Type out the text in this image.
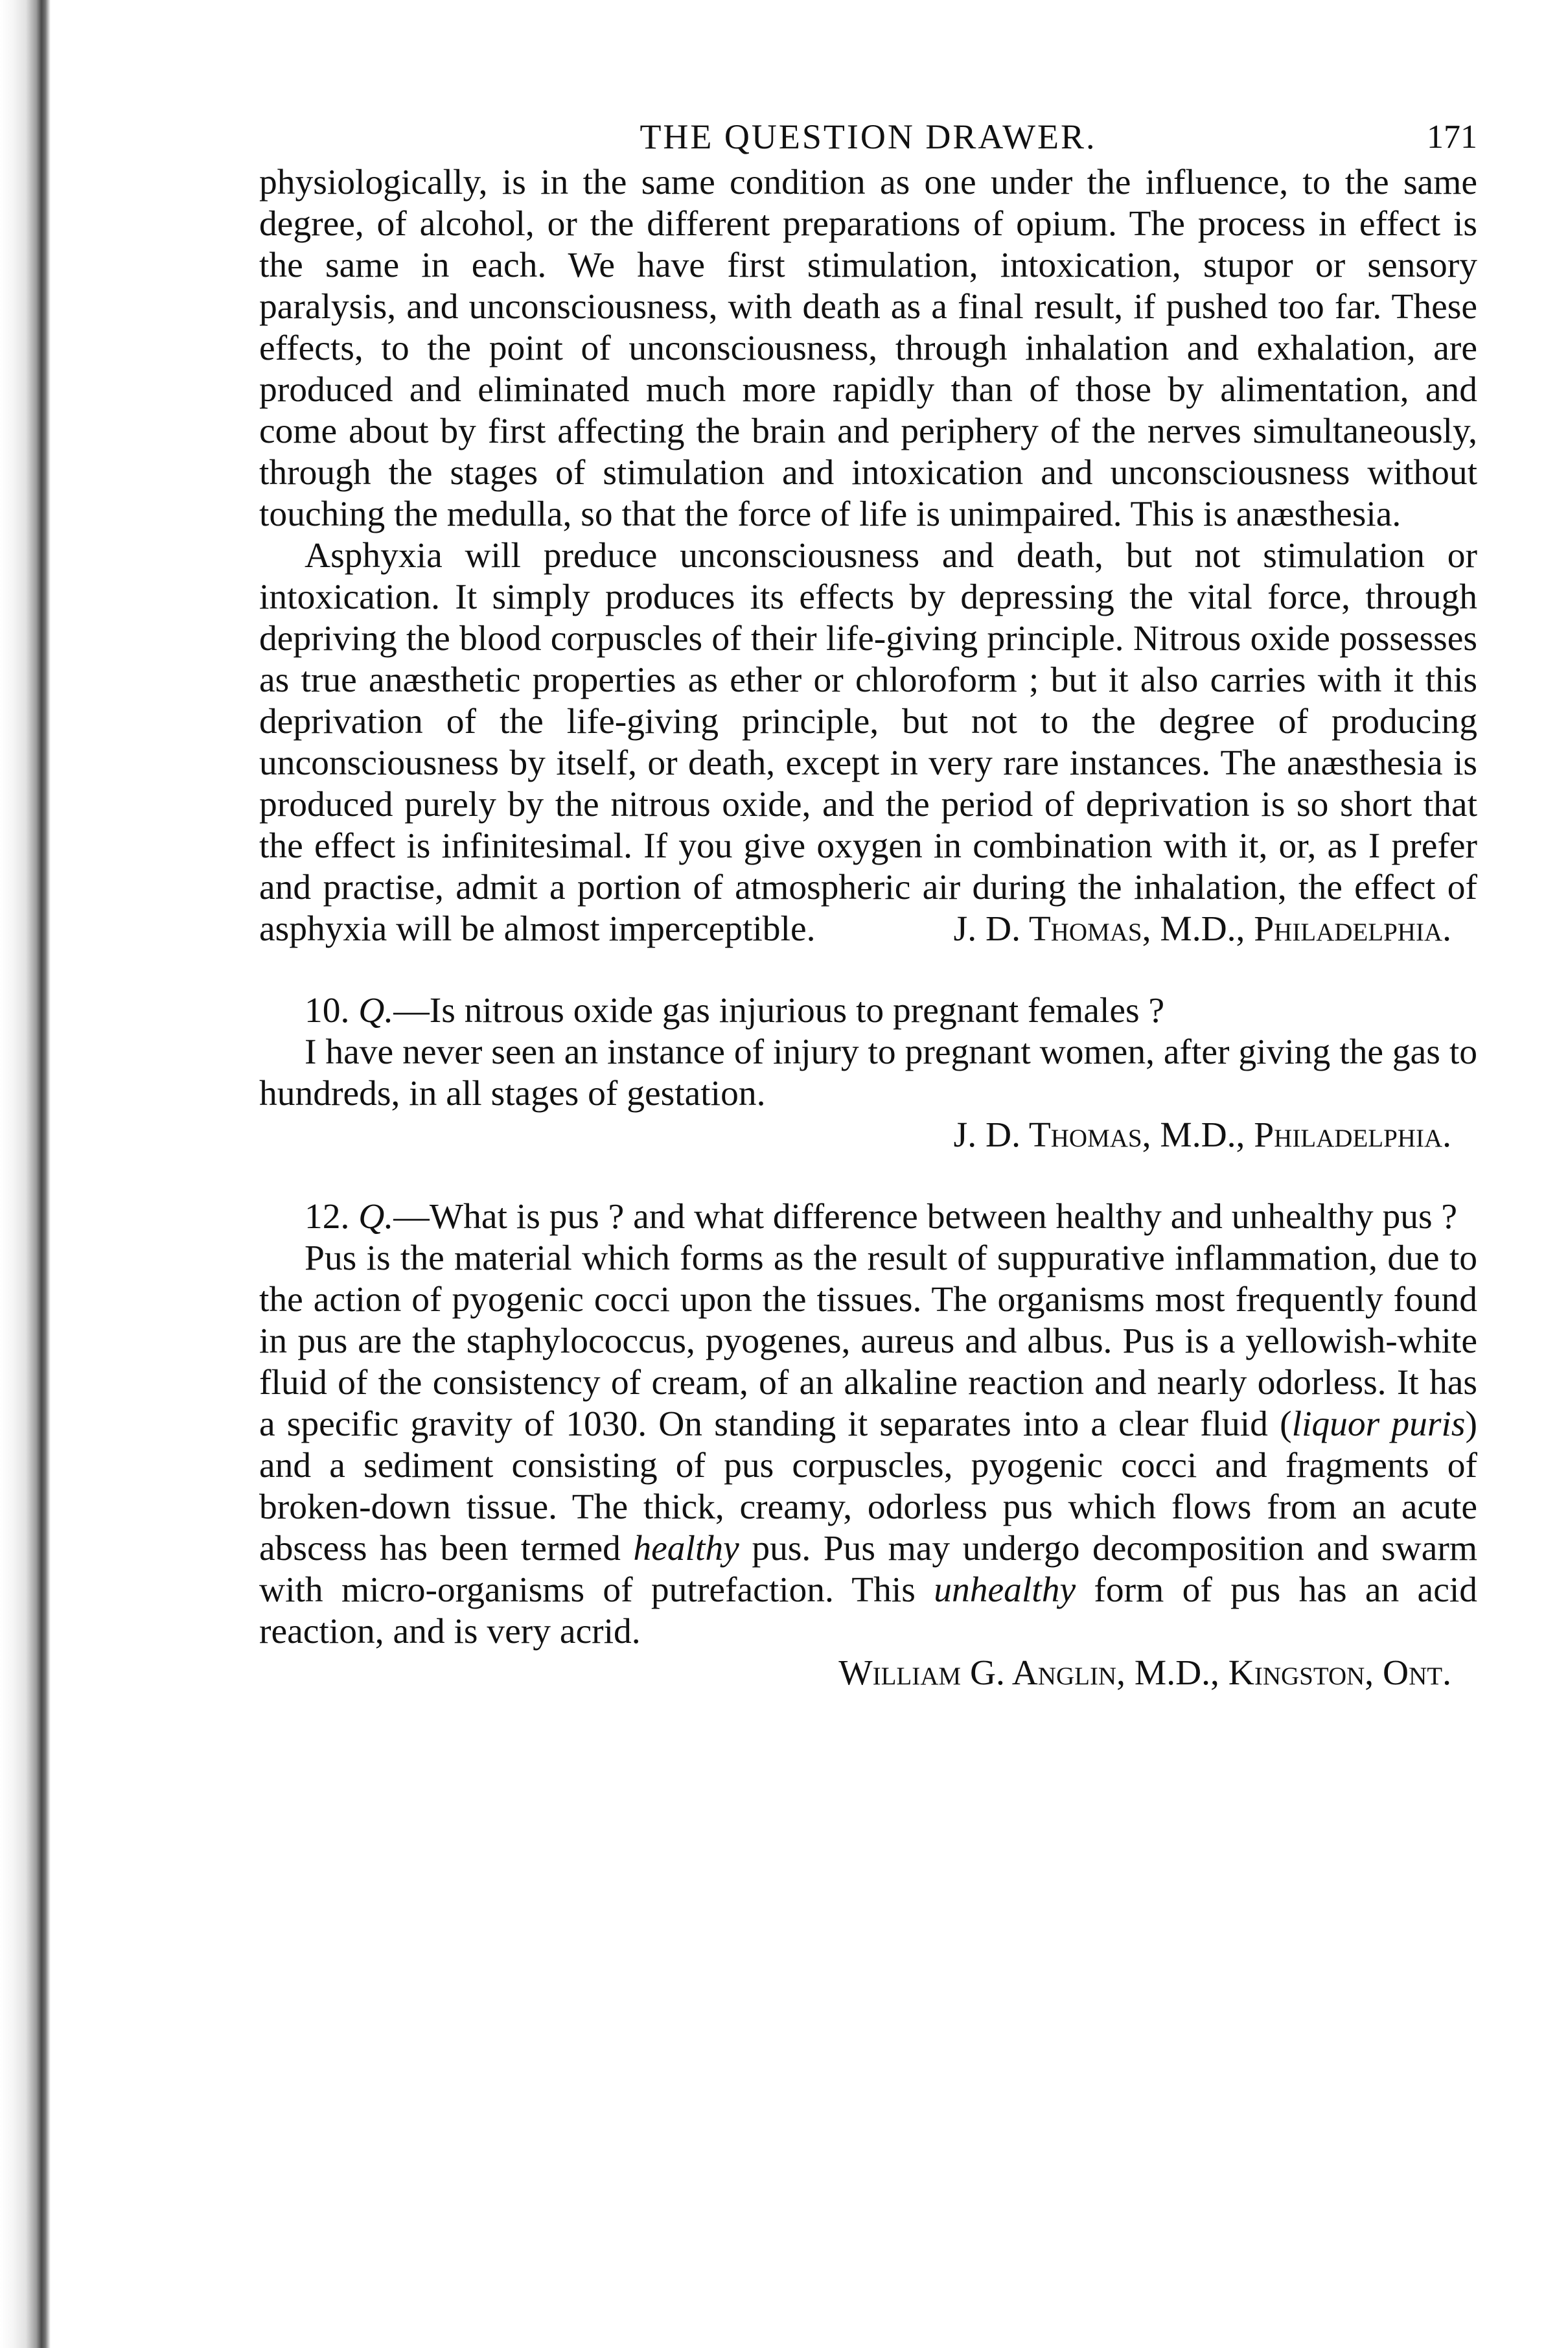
THE QUESTION DRAWER.	171

physiologically, is in the same condition as one under the influence, to the same degree, of alcohol, or the different preparations of opium. The process in effect is the same in each. We have first stimulation, intoxication, stupor or sensory paralysis, and unconsciousness, with death as a final result, if pushed too far. These effects, to the point of unconsciousness, through inhalation and exhalation, are produced and eliminated much more rapidly than of those by alimentation, and come about by first affecting the brain and periphery of the nerves simultaneously, through the stages of stimulation and intoxication and unconsciousness without touching the medulla, so that the force of life is unimpaired. This is anæsthesia.

Asphyxia will preduce unconsciousness and death, but not stimulation or intoxication. It simply produces its effects by depressing the vital force, through depriving the blood corpuscles of their life-giving principle. Nitrous oxide possesses as true anæsthetic properties as ether or chloroform ; but it also carries with it this deprivation of the life-giving principle, but not to the degree of producing unconsciousness by itself, or death, except in very rare instances. The anæsthesia is produced purely by the nitrous oxide, and the period of deprivation is so short that the effect is infinitesimal. If you give oxygen in combination with it, or, as I prefer and practise, admit a portion of atmospheric air during the inhalation, the effect of asphyxia will be almost imperceptible.	J. D. Thomas, M.D., Philadelphia.

10. Q.—Is nitrous oxide gas injurious to pregnant females ?

I have never seen an instance of injury to pregnant women, after giving the gas to hundreds, in all stages of gestation.

J. D. Thomas, M.D., Philadelphia.

12. Q.—What is pus ? and what difference between healthy and unhealthy pus ?

Pus is the material which forms as the result of suppurative inflammation, due to the action of pyogenic cocci upon the tissues. The organisms most frequently found in pus are the staphylococcus, pyogenes, aureus and albus. Pus is a yellowish-white fluid of the consistency of cream, of an alkaline reaction and nearly odorless. It has a specific gravity of 1030. On standing it separates into a clear fluid (liquor puris) and a sediment consisting of pus corpuscles, pyogenic cocci and fragments of broken-down tissue. The thick, creamy, odorless pus which flows from an acute abscess has been termed healthy pus. Pus may undergo decomposition and swarm with micro-organisms of putrefaction. This unhealthy form of pus has an acid reaction, and is very acrid.

William G. Anglin, M.D., Kingston, Ont.
